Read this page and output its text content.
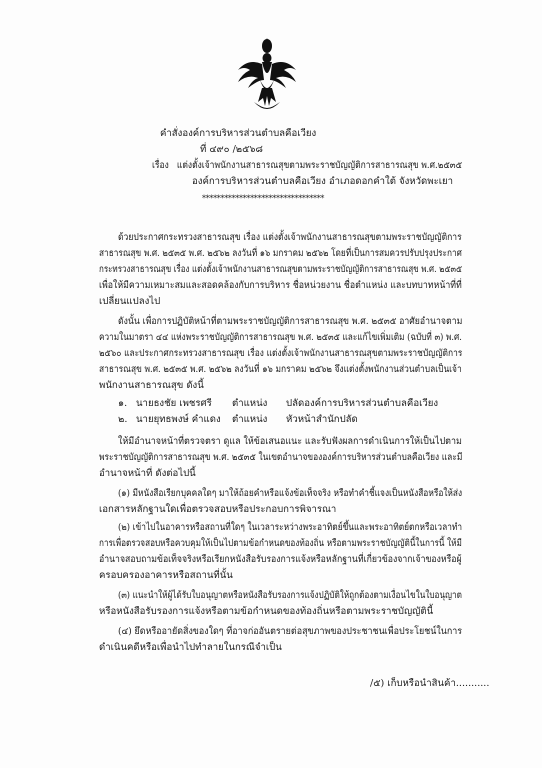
คำสั่งองค์การบริหารส่วนตำบลคือเวียง
ที่ ๔๙๐ /๒๕๖๘
เรื่อง แต่งตั้งเจ้าพนักงานสาธารณสุขตามพระราชบัญญัติการสาธารณสุข พ.ศ.๒๕๓๕
องค์การบริหารส่วนตำบลคือเวียง อำเภอดอกคำใต้ จังหวัดพะเยา
*********************************
ด้วยประกาศกระทรวงสาธารณสุข เรื่อง แต่งตั้งเจ้าพนักงานสาธารณสุขตามพระราชบัญญัติการ
สาธารณสุข พ.ศ. ๒๕๓๕ พ.ศ. ๒๕๖๒ ลงวันที่ ๑๖ มกราคม ๒๕๖๒ โดยที่เป็นการสมควรปรับปรุงประกาศ
กระทรวงสาธารณสุข เรื่อง แต่งตั้งเจ้าพนักงานสาธารณสุขตามพระราชบัญญัติการสาธารณสุข พ.ศ. ๒๕๓๕
เพื่อให้มีความเหมาะสมและสอดคล้องกับการบริหาร ชื่อหน่วยงาน ชื่อตำแหน่ง และบทบาทหน้าที่ที่
เปลี่ยนแปลงไป
ดังนั้น เพื่อการปฏิบัติหน้าที่ตามพระราชบัญญัติการสาธารณสุข พ.ศ. ๒๕๓๕ อาศัยอำนาจตาม
ความในมาตรา ๔๔ แห่งพระราชบัญญัติการสาธารณสุข พ.ศ. ๒๕๓๕ และแก้ไขเพิ่มเติม (ฉบับที่ ๓) พ.ศ.
๒๕๖๐ และประกาศกระทรวงสาธารณสุข เรื่อง แต่งตั้งเจ้าพนักงานสาธารณสุขตามพระราชบัญญัติการ
สาธารณสุข พ.ศ. ๒๕๓๕ พ.ศ. ๒๕๖๒ ลงวันที่ ๑๖ มกราคม ๒๕๖๒ จึงแต่งตั้งพนักงานส่วนตำบลเป็นเจ้า
พนักงานสาธารณสุข ดังนี้
๑. นายธงชัย เพชรศรี ตำแหน่ง ปลัดองค์การบริหารส่วนตำบลคือเวียง
๒. นายยุทธพงษ์ คำแดง ตำแหน่ง หัวหน้าสำนักปลัด
ให้มีอำนาจหน้าที่ตรวจตรา ดูแล ให้ข้อเสนอแนะ และรับฟังผลการดำเนินการให้เป็นไปตาม
พระราชบัญญัติการสาธารณสุข พ.ศ. ๒๕๓๕ ในเขตอำนาจขององค์การบริหารส่วนตำบลคือเวียง และมี
อำนาจหน้าที่ ดังต่อไปนี้
(๑) มีหนังสือเรียกบุคคลใดๆ มาให้ถ้อยคำหรือแจ้งข้อเท็จจริง หรือทำคำชี้แจงเป็นหนังสือหรือให้ส่ง
เอกสารหลักฐานใดเพื่อตรวจสอบหรือประกอบการพิจารณา
(๒) เข้าไปในอาคารหรือสถานที่ใดๆ ในเวลาระหว่างพระอาทิตย์ขึ้นและพระอาทิตย์ตกหรือเวลาทำ
การเพื่อตรวจสอบหรือควบคุมให้เป็นไปตามข้อกำหนดของท้องถิ่น หรือตามพระราชบัญญัตินี้ในการนี้ ให้มี
อำนาจสอบถามข้อเท็จจริงหรือเรียกหนังสือรับรองการแจ้งหรือหลักฐานที่เกี่ยวข้องจากเจ้าของหรือผู้
ครอบครองอาคารหรือสถานที่นั้น
(๓) แนะนำให้ผู้ได้รับใบอนุญาตหรือหนังสือรับรองการแจ้งปฏิบัติให้ถูกต้องตามเงื่อนไขในใบอนุญาต
หรือหนังสือรับรองการแจ้งหรือตามข้อกำหนดของท้องถิ่นหรือตามพระราชบัญญัตินี้
(๔) ยึดหรืออายัดสิ่งของใดๆ ที่อาจก่ออันตรายต่อสุขภาพของประชาชนเพื่อประโยชน์ในการ
ดำเนินคดีหรือเพื่อนำไปทำลายในกรณีจำเป็น
/๕) เก็บหรือนำสินค้า...........
